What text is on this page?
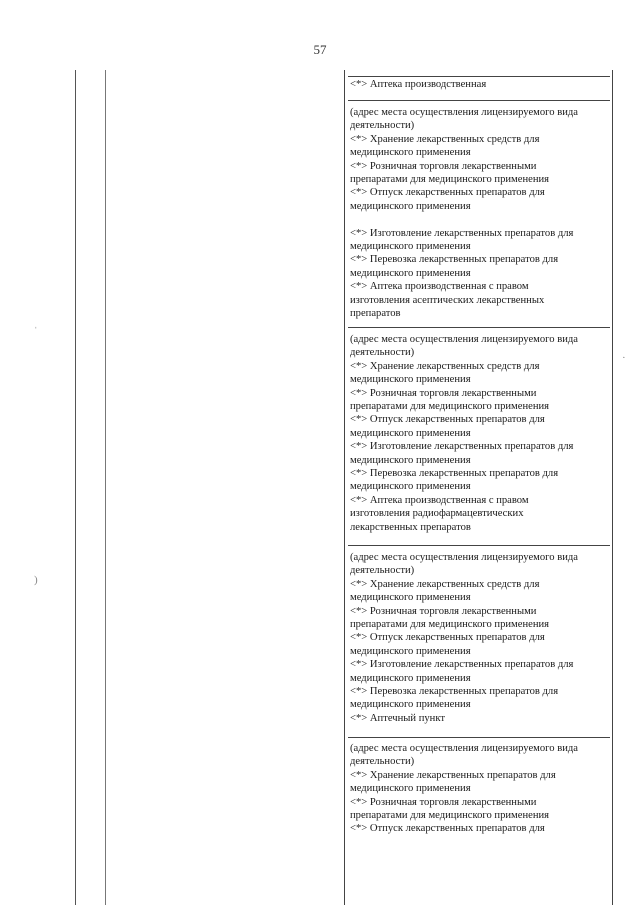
57
ˈ
)
·
<*> Аптека производственная
(адрес места осуществления лицензируемого вида
деятельности)
<*> Хранение лекарственных средств для
медицинского применения
<*> Розничная торговля лекарственными
препаратами для медицинского применения
<*> Отпуск лекарственных препаратов для
медицинского применения

<*> Изготовление лекарственных препаратов для
медицинского применения
<*> Перевозка лекарственных препаратов для
медицинского применения
<*> Аптека производственная с правом
изготовления асептических лекарственных
препаратов
(адрес места осуществления лицензируемого вида
деятельности)
<*> Хранение лекарственных средств для
медицинского применения
<*> Розничная торговля лекарственными
препаратами для медицинского применения
<*> Отпуск лекарственных препаратов для
медицинского применения
<*> Изготовление лекарственных препаратов для
медицинского применения
<*> Перевозка лекарственных препаратов для
медицинского применения
<*> Аптека производственная с правом
изготовления радиофармацевтических
лекарственных препаратов
(адрес места осуществления лицензируемого вида
деятельности)
<*> Хранение лекарственных средств для
медицинского применения
<*> Розничная торговля лекарственными
препаратами для медицинского применения
<*> Отпуск лекарственных препаратов для
медицинского применения
<*> Изготовление лекарственных препаратов для
медицинского применения
<*> Перевозка лекарственных препаратов для
медицинского применения
<*> Аптечный пункт
(адрес места осуществления лицензируемого вида
деятельности)
<*> Хранение лекарственных препаратов для
медицинского применения
<*> Розничная торговля лекарственными
препаратами для медицинского применения
<*> Отпуск лекарственных препаратов для
